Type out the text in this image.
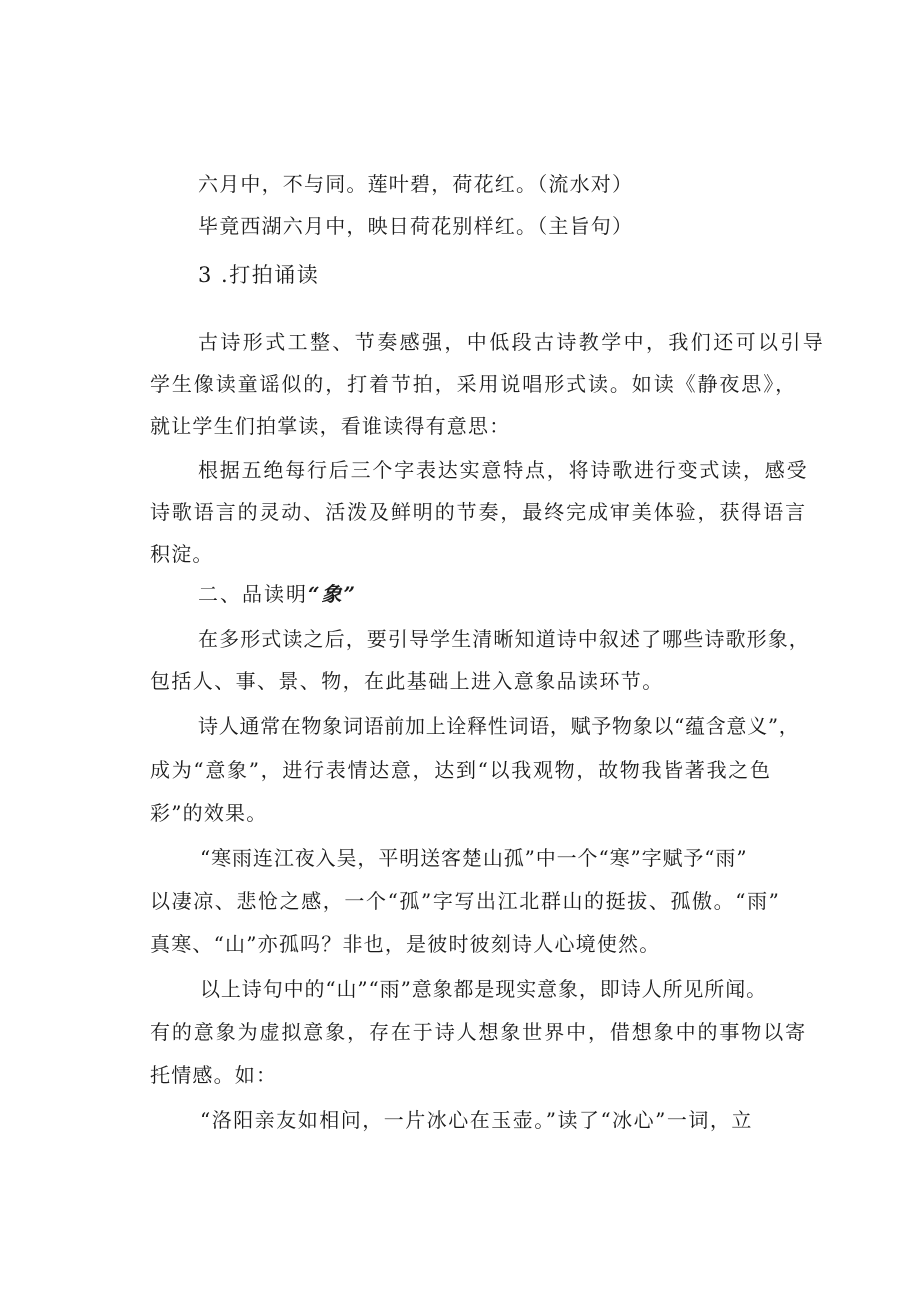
六月中，不与同。莲叶碧，荷花红。（流水对）
毕竟西湖六月中，映日荷花别样红。（主旨句）
3 .打拍诵读
古诗形式工整、节奏感强，中低段古诗教学中，我们还可以引导
学生像读童谣似的，打着节拍，采用说唱形式读。如读《静夜思》，
就让学生们拍掌读，看谁读得有意思：
根据五绝每行后三个字表达实意特点，将诗歌进行变式读，感受
诗歌语言的灵动、活泼及鲜明的节奏，最终完成审美体验，获得语言
积淀。
二、品读明“象”
在多形式读之后，要引导学生清晰知道诗中叙述了哪些诗歌形象，
包括人、事、景、物，在此基础上进入意象品读环节。
诗人通常在物象词语前加上诠释性词语，赋予物象以“蕴含意义”，
成为“意象”，进行表情达意，达到“以我观物，故物我皆著我之色
彩”的效果。
“寒雨连江夜入吴，平明送客楚山孤”中一个“寒”字赋予“雨”
以凄凉、悲怆之感，一个“孤”字写出江北群山的挺拔、孤傲。“雨”
真寒、“山”亦孤吗？非也，是彼时彼刻诗人心境使然。
以上诗句中的“山”“雨”意象都是现实意象，即诗人所见所闻。
有的意象为虚拟意象，存在于诗人想象世界中，借想象中的事物以寄
托情感。如：
“洛阳亲友如相问，一片冰心在玉壶。”读了“冰心”一词，立
